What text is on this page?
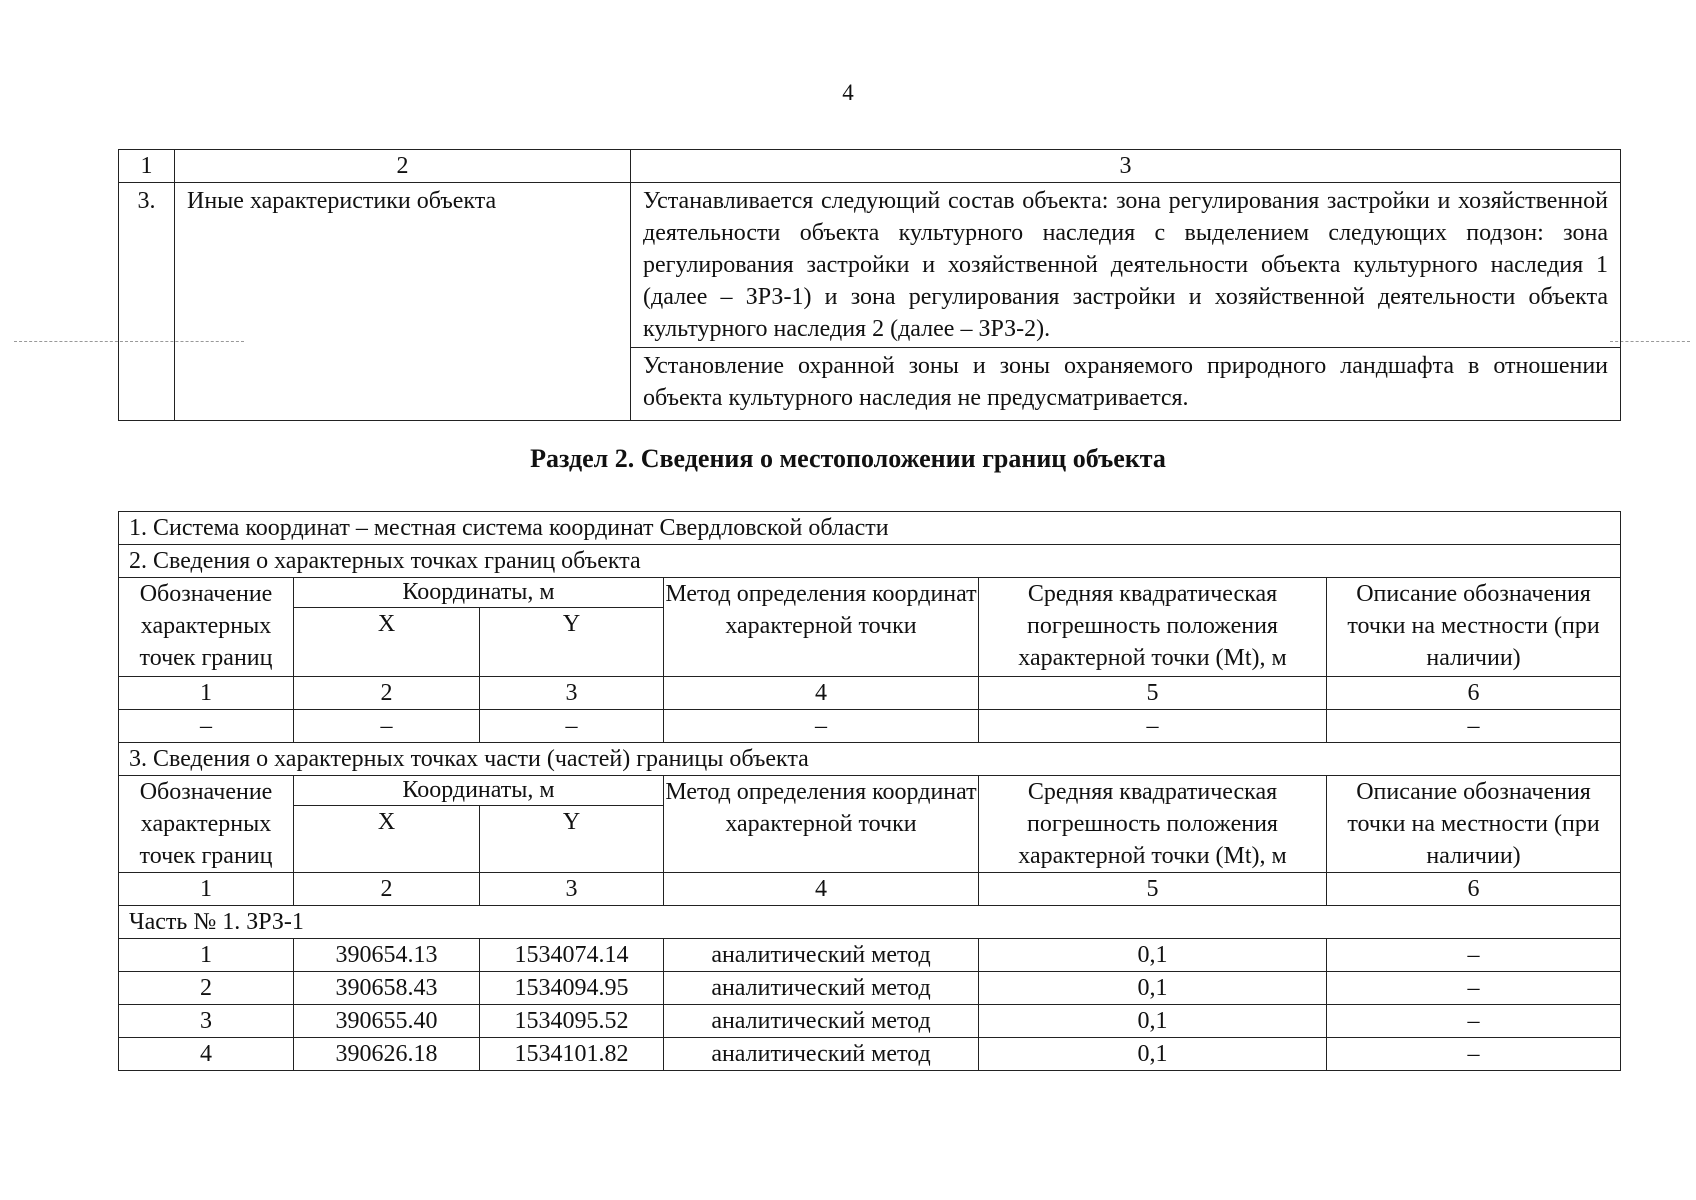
4
1	2	3
3.	Иные характеристики объекта	Устанавливается следующий состав объекта: зона регулирования застройки и хозяйственной деятельности объекта культурного наследия с выделением следующих подзон: зона регулирования застройки и хозяйственной деятельности объекта культурного наследия 1 (далее – ЗРЗ-1) и зона регулирования застройки и хозяйственной деятельности объекта культурного наследия 2 (далее – ЗРЗ-2).
		Установление охранной зоны и зоны охраняемого природного ландшафта в отношении объекта культурного наследия не предусматривается.
Раздел 2. Сведения о местоположении границ объекта
1. Система координат – местная система координат Свердловской области					
2. Сведения о характерных точках границ объекта					
Обозначение характерных точек границ	Координаты, м		Метод определения координат характерной точки	Средняя квадратическая погрешность положения характерной точки (Mt), м	Описание обозначения точки на местности (при наличии)
	X	Y			
1	2	3	4	5	6
–	–	–	–	–	–
3. Сведения о характерных точках части (частей) границы объекта					
Обозначение характерных точек границ	Координаты, м		Метод определения координат характерной точки	Средняя квадратическая погрешность положения характерной точки (Mt), м	Описание обозначения точки на местности (при наличии)
	X	Y			
1	2	3	4	5	6
Часть № 1. ЗРЗ-1					
1	390654.13	1534074.14	аналитический метод	0,1	–
2	390658.43	1534094.95	аналитический метод	0,1	–
3	390655.40	1534095.52	аналитический метод	0,1	–
4	390626.18	1534101.82	аналитический метод	0,1	–
